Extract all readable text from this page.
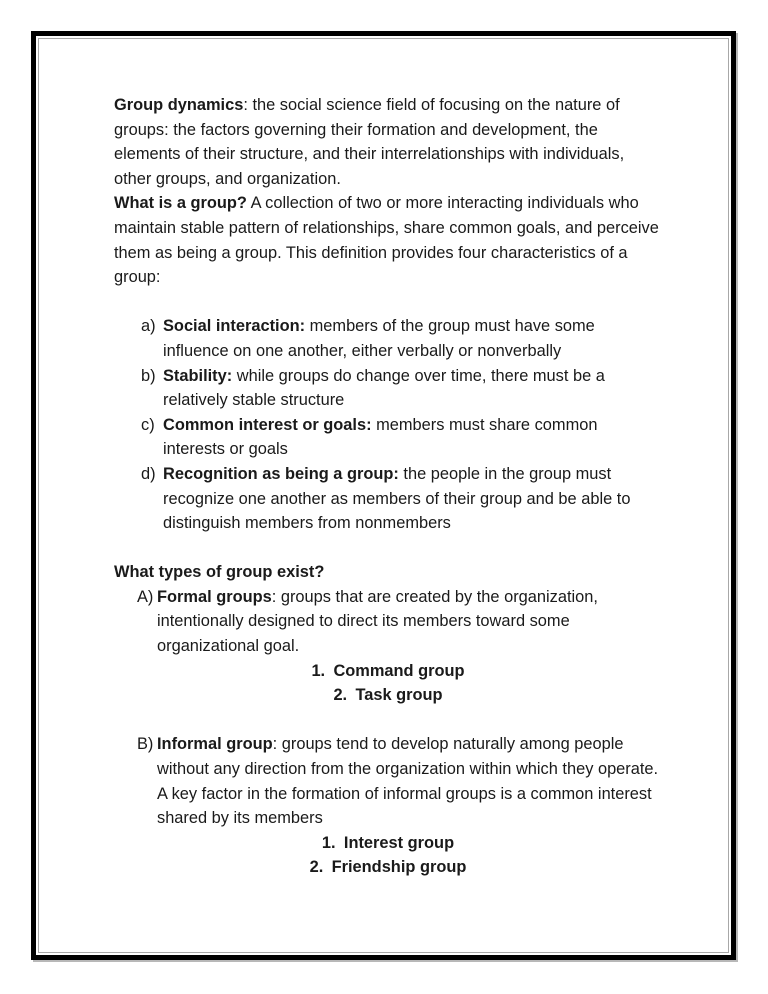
Group dynamics: the social science field of focusing on the nature of groups: the factors governing their formation and development, the elements of their structure, and their interrelationships with individuals, other groups, and organization.

What is a group? A collection of two or more interacting individuals who maintain stable pattern of relationships, share common goals, and perceive them as being a group. This definition provides four characteristics of a group:

a) Social interaction: members of the group must have some influence on one another, either verbally or nonverbally
b) Stability: while groups do change over time, there must be a relatively stable structure
c) Common interest or goals: members must share common interests or goals
d) Recognition as being a group: the people in the group must recognize one another as members of their group and be able to distinguish members from nonmembers

What types of group exist?

A) Formal groups: groups that are created by the organization, intentionally designed to direct its members toward some organizational goal.
1. Command group
2. Task group
B) Informal group: groups tend to develop naturally among people without any direction from the organization within which they operate. A key factor in the formation of informal groups is a common interest shared by its members
1. Interest group
2. Friendship group
